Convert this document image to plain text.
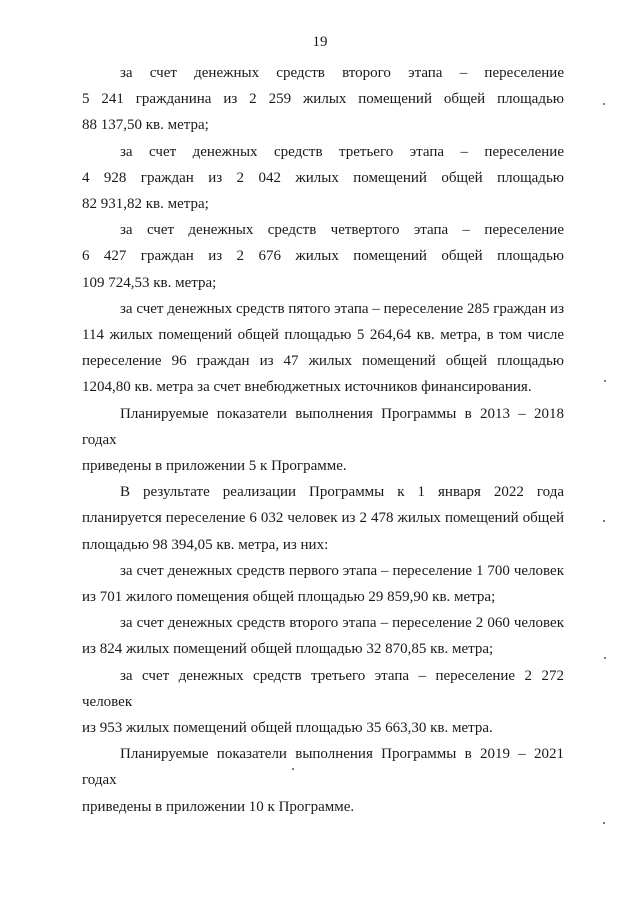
19
за счет денежных средств второго этапа – переселение
5 241 гражданина из 2 259 жилых помещений общей площадью
88 137,50 кв. метра;
за счет денежных средств третьего этапа – переселение
4 928 граждан из 2 042 жилых помещений общей площадью
82 931,82 кв. метра;
за счет денежных средств четвертого этапа – переселение
6 427 граждан из 2 676 жилых помещений общей площадью
109 724,53 кв. метра;
за счет денежных средств пятого этапа – переселение 285 граждан из
114 жилых помещений общей площадью 5 264,64 кв. метра, в том числе
переселение 96 граждан из 47 жилых помещений общей площадью
1204,80 кв. метра за счет внебюджетных источников финансирования.
Планируемые показатели выполнения Программы в 2013 – 2018 годах
приведены в приложении 5 к Программе.
В результате реализации Программы к 1 января 2022 года
планируется переселение 6 032 человек из 2 478 жилых помещений общей
площадью 98 394,05 кв. метра, из них:
за счет денежных средств первого этапа – переселение 1 700 человек
из 701 жилого помещения общей площадью 29 859,90 кв. метра;
за счет денежных средств второго этапа – переселение 2 060 человек
из 824 жилых помещений общей площадью 32 870,85 кв. метра;
за счет денежных средств третьего этапа – переселение 2 272 человек
из 953 жилых помещений общей площадью 35 663,30 кв. метра.
Планируемые показатели выполнения Программы в 2019 – 2021 годах
приведены в приложении 10 к Программе.
